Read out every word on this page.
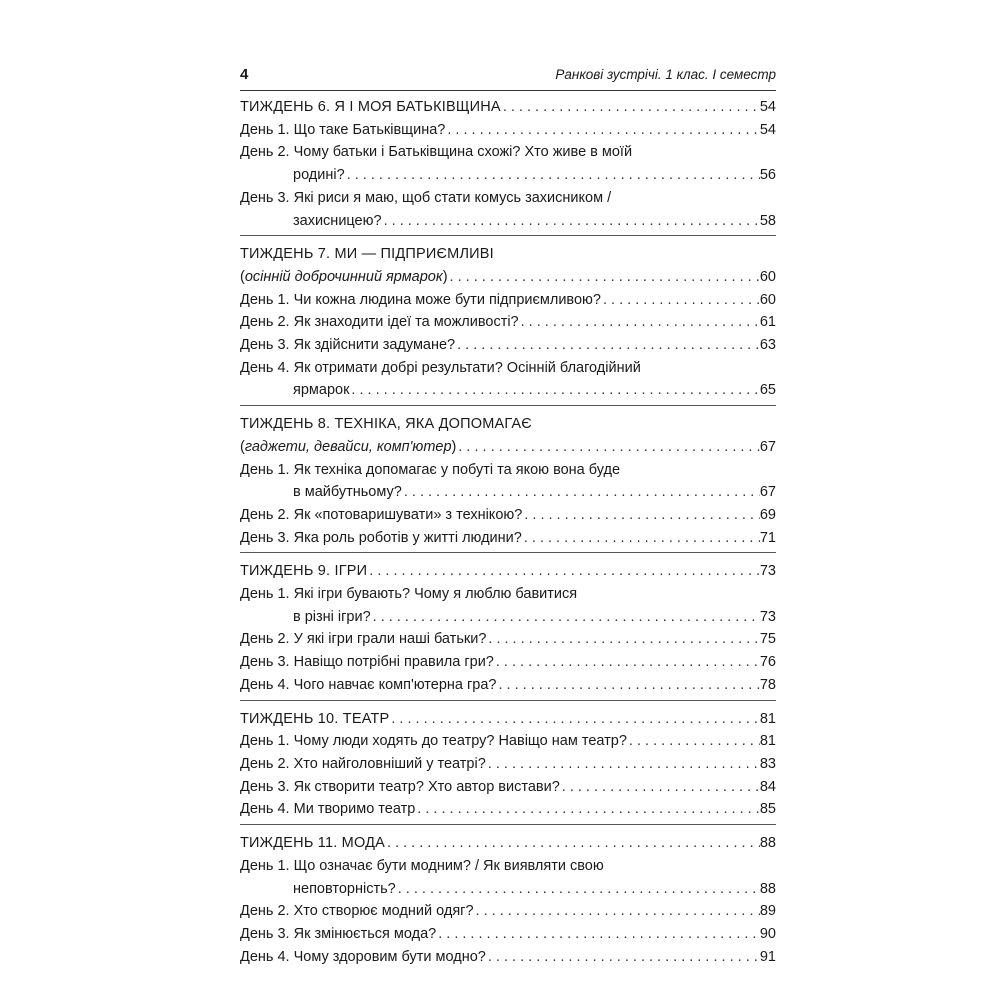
4	Ранкові зустрічі. 1 клас. І семестр
ТИЖДЕНЬ 6. Я І МОЯ БАТЬКІВЩИНА . . .	54
День 1. Що таке Батьківщина? . . .	54
День 2. Чому батьки і Батьківщина схожі? Хто живе в моїй
родині? . . .	56
День 3. Які риси я маю, щоб стати комусь захисником /
захисницею? . . .	58
ТИЖДЕНЬ 7. МИ — ПІДПРИЄМЛИВІ
(осінній доброчинний ярмарок) . . .	60
День 1. Чи кожна людина може бути підприємливою? . . .	60
День 2. Як знаходити ідеї та можливості? . . .	61
День 3. Як здійснити задумане? . . .	63
День 4. Як отримати добрі результати? Осінній благодійний
ярмарок . . .	65
ТИЖДЕНЬ 8. ТЕХНІКА, ЯКА ДОПОМАГАЄ
(гаджети, девайси, комп'ютер) . . .	67
День 1. Як техніка допомагає у побуті та якою вона буде
в майбутньому? . . .	67
День 2. Як «потоваришувати» з технікою? . . .	69
День 3. Яка роль роботів у житті людини? . . .	71
ТИЖДЕНЬ 9. ІГРИ . . .	73
День 1. Які ігри бувають? Чому я люблю бавитися
в різні ігри? . . .	73
День 2. У які ігри грали наші батьки? . . .	75
День 3. Навіщо потрібні правила гри? . . .	76
День 4. Чого навчає комп'ютерна гра? . . .	78
ТИЖДЕНЬ 10. ТЕАТР . . .	81
День 1. Чому люди ходять до театру? Навіщо нам театр? . . .	81
День 2. Хто найголовніший у театрі? . . .	83
День 3. Як створити театр? Хто автор вистави? . . .	84
День 4. Ми творимо театр . . .	85
ТИЖДЕНЬ 11. МОДА . . .	88
День 1. Що означає бути модним? / Як виявляти свою
неповторність? . . .	88
День 2. Хто створює модний одяг? . . .	89
День 3. Як змінюється мода? . . .	90
День 4. Чому здоровим бути модно? . . .	91
